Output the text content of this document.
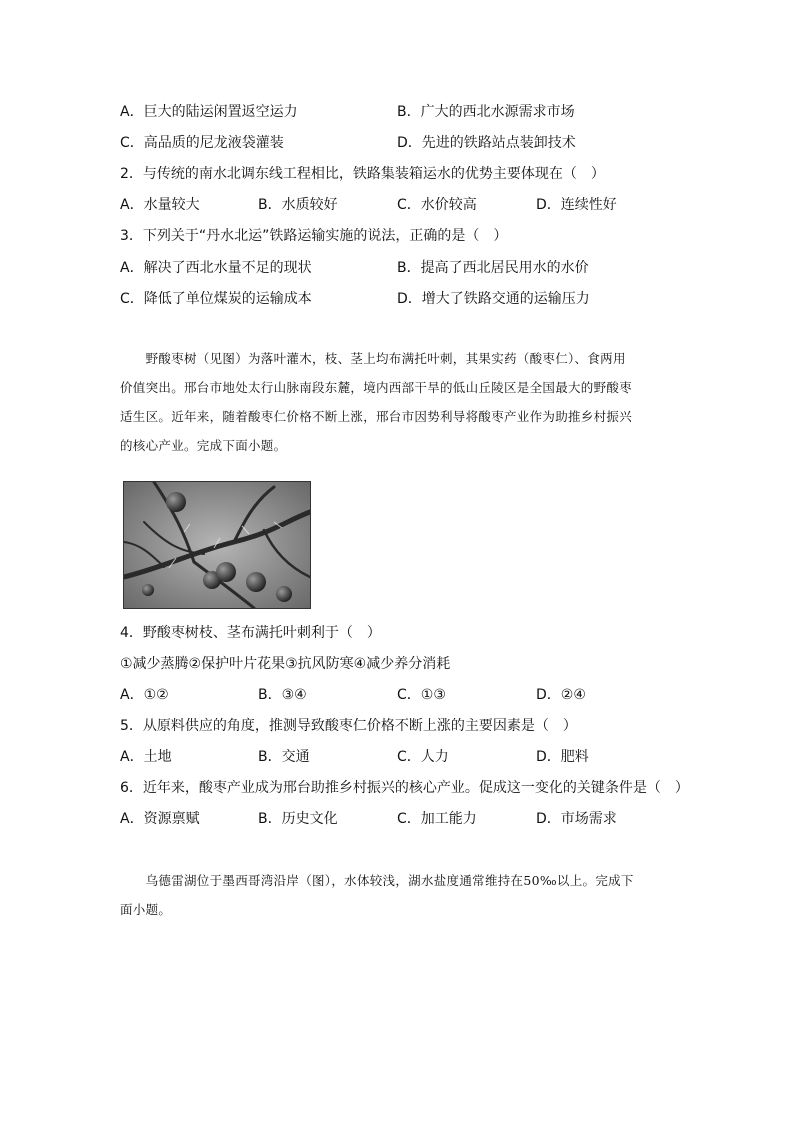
A．巨大的陆运闲置返空运力	B．广大的西北水源需求市场
C．高品质的尼龙液袋灌装	D．先进的铁路站点装卸技术
2．与传统的南水北调东线工程相比，铁路集装箱运水的优势主要体现在（　）
A．水量较大	B．水质较好	C．水价较高	D．连续性好
3．下列关于“丹水北运”铁路运输实施的说法，正确的是（　）
A．解决了西北水量不足的现状	B．提高了西北居民用水的水价
C．降低了单位煤炭的运输成本	D．增大了铁路交通的运输压力

　　野酸枣树（见图）为落叶灌木，枝、茎上均布满托叶刺，其果实药（酸枣仁）、食两用

价值突出。邢台市地处太行山脉南段东麓，境内西部干旱的低山丘陵区是全国最大的野酸枣

适生区。近年来，随着酸枣仁价格不断上涨，邢台市因势利导将酸枣产业作为助推乡村振兴

的核心产业。完成下面小题。

4．野酸枣树枝、茎布满托叶刺利于（　）
①减少蒸腾②保护叶片花果③抗风防寒④减少养分消耗
A．①②	B．③④	C．①③	D．②④
5．从原料供应的角度，推测导致酸枣仁价格不断上涨的主要因素是（　）
A．土地	B．交通	C．人力	D．肥料
6．近年来，酸枣产业成为邢台助推乡村振兴的核心产业。促成这一变化的关键条件是（　）
A．资源禀赋	B．历史文化	C．加工能力	D．市场需求

　　乌德雷湖位于墨西哥湾沿岸（图），水体较浅，湖水盐度通常维持在50‰以上。完成下

面小题。
